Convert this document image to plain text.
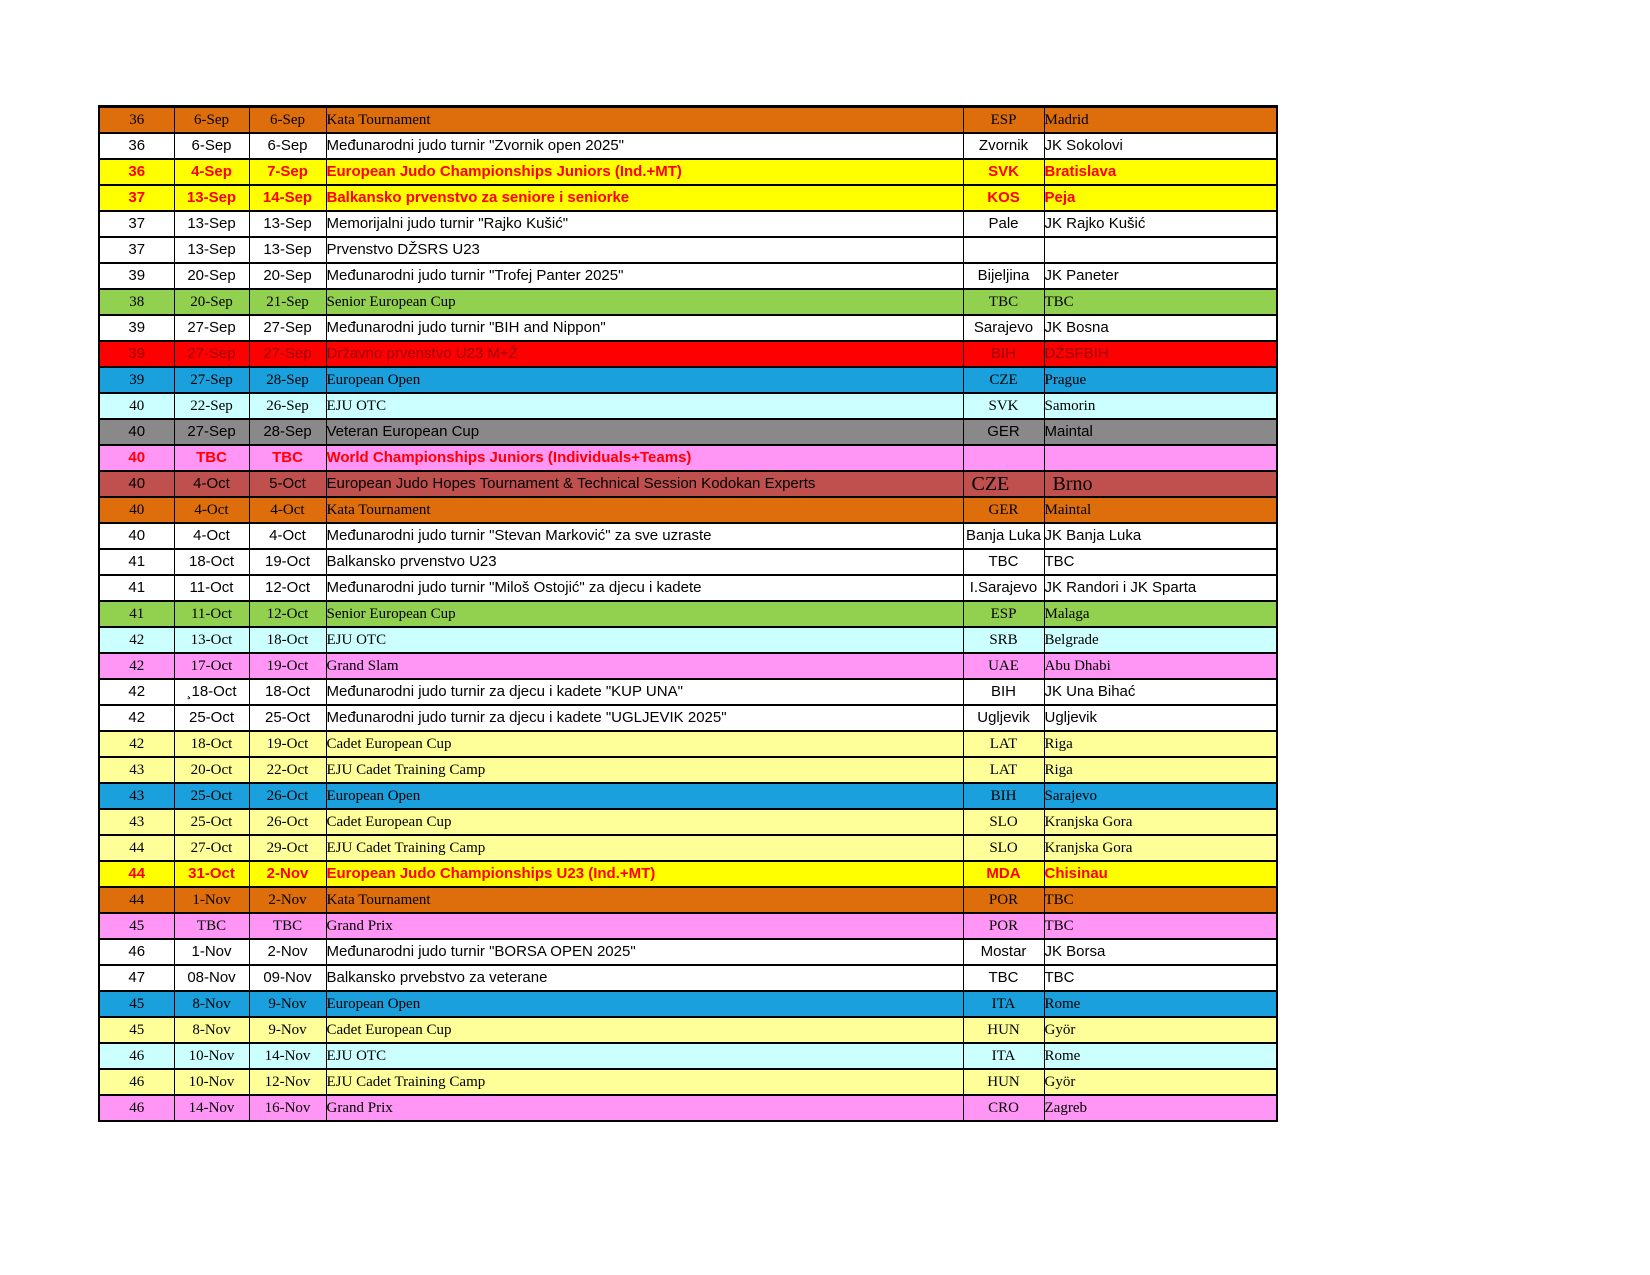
36	6-Sep	6-Sep	Kata Tournament	ESP	Madrid
36	6-Sep	6-Sep	Međunarodni judo turnir "Zvornik open 2025"	Zvornik	JK Sokolovi
36	4-Sep	7-Sep	European Judo Championships Juniors (Ind.+MT)	SVK	Bratislava
37	13-Sep	14-Sep	Balkansko prvenstvo za seniore i seniorke	KOS	Peja
37	13-Sep	13-Sep	Memorijalni judo turnir "Rajko Kušić"	Pale	JK Rajko Kušić
37	13-Sep	13-Sep	Prvenstvo DŽSRS U23		
39	20-Sep	20-Sep	Međunarodni judo turnir "Trofej Panter 2025"	Bijeljina	JK Paneter
38	20-Sep	21-Sep	Senior European Cup	TBC	TBC
39	27-Sep	27-Sep	Međunarodni judo turnir "BIH and Nippon"	Sarajevo	JK Bosna
39	27-Sep	27-Sep	Državno prvenstvo U23 M+Ž	BIH	DŽSFBIH
39	27-Sep	28-Sep	European Open	CZE	Prague
40	22-Sep	26-Sep	EJU OTC	SVK	Samorin
40	27-Sep	28-Sep	Veteran European Cup	GER	Maintal
40	TBC	TBC	World Championships Juniors (Individuals+Teams)		
40	4-Oct	5-Oct	European Judo Hopes Tournament & Technical Session Kodokan Experts	CZE	Brno
40	4-Oct	4-Oct	Kata Tournament	GER	Maintal
40	4-Oct	4-Oct	Međunarodni judo turnir "Stevan Marković" za sve uzraste	Banja Luka	JK Banja Luka
41	18-Oct	19-Oct	Balkansko prvenstvo U23	TBC	TBC
41	11-Oct	12-Oct	Međunarodni judo turnir "Miloš Ostojić" za djecu i kadete	I.Sarajevo	JK Randori i JK Sparta
41	11-Oct	12-Oct	Senior European Cup	ESP	Malaga
42	13-Oct	18-Oct	EJU OTC	SRB	Belgrade
42	17-Oct	19-Oct	Grand Slam	UAE	Abu Dhabi
42	¸18-Oct	18-Oct	Međunarodni judo turnir za djecu i kadete "KUP UNA"	BIH	JK Una Bihać
42	25-Oct	25-Oct	Međunarodni judo turnir za djecu i kadete "UGLJEVIK 2025"	Ugljevik	Ugljevik
42	18-Oct	19-Oct	Cadet European Cup	LAT	Riga
43	20-Oct	22-Oct	EJU Cadet Training Camp	LAT	Riga
43	25-Oct	26-Oct	European Open	BIH	Sarajevo
43	25-Oct	26-Oct	Cadet European Cup	SLO	Kranjska Gora
44	27-Oct	29-Oct	EJU Cadet Training Camp	SLO	Kranjska Gora
44	31-Oct	2-Nov	European Judo Championships U23 (Ind.+MT)	MDA	Chisinau
44	1-Nov	2-Nov	Kata Tournament	POR	TBC
45	TBC	TBC	Grand Prix	POR	TBC
46	1-Nov	2-Nov	Međunarodni judo turnir "BORSA OPEN 2025"	Mostar	JK Borsa
47	08-Nov	09-Nov	Balkansko prvebstvo za veterane	TBC	TBC
45	8-Nov	9-Nov	European Open	ITA	Rome
45	8-Nov	9-Nov	Cadet European Cup	HUN	Györ
46	10-Nov	14-Nov	EJU OTC	ITA	Rome
46	10-Nov	12-Nov	EJU Cadet Training Camp	HUN	Györ
46	14-Nov	16-Nov	Grand Prix	CRO	Zagreb
